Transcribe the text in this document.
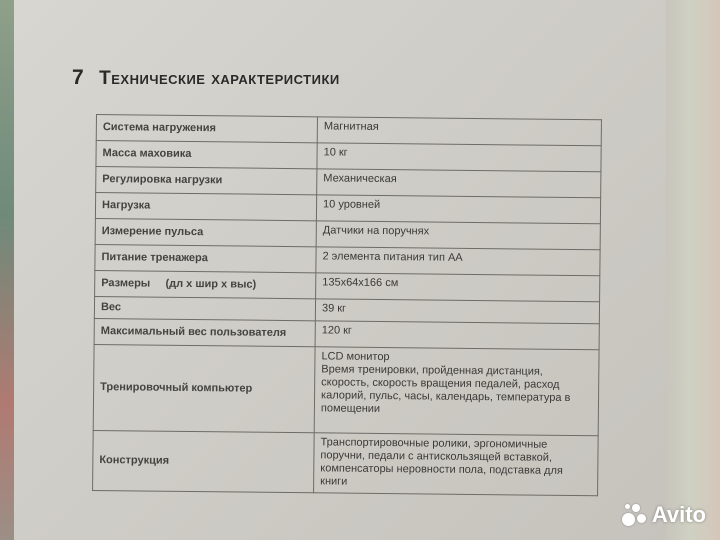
7 Технические характеристики
Система нагружения	Магнитная

Масса маховика	10 кг

Регулировка нагрузки	Механическая

Нагрузка	10 уровней

Измерение пульса	Датчики на поручнях

Питание тренажера	2 элемента питания тип АА

Размеры     (дл х шир х выс)	135х64х166 см

Вес	39 кг

Максимальный вес пользователя	120 кг

Тренировочный компьютер	LCD монитор
Время тренировки, пройденная дистанция,
скорость, скорость вращения педалей, расход
калорий, пульс, часы, календарь, температура в
помещении

Конструкция	Транспортировочные ролики, эргономичные
поручни, педали с антискользящей вставкой,
компенсаторы неровности пола, подставка для
книги
Avito
